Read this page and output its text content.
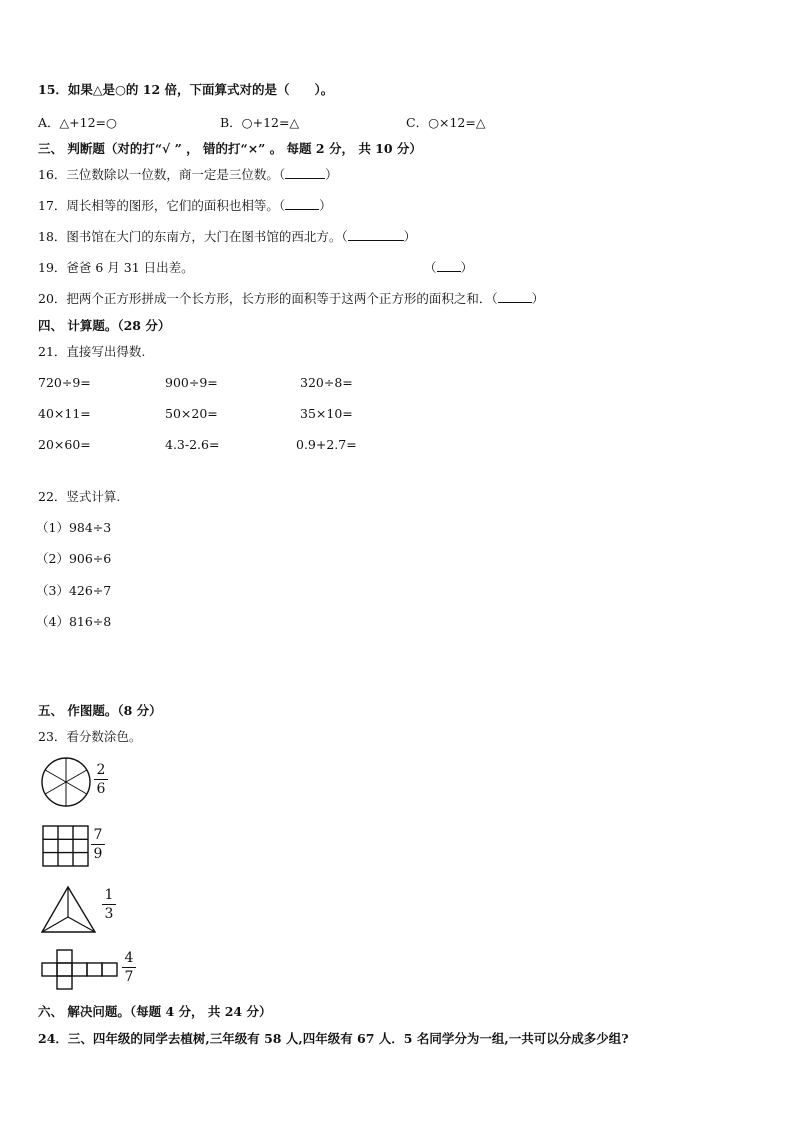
15．如果△是○的 12 倍，下面算式对的是（　　）。
A．△+12=○	B．○+12=△	C．○×12=△
三、 判断题（对的打“√ ” ， 错的打“×” 。 每题 2 分， 共 10 分）
16．三位数除以一位数，商一定是三位数。（	）
17．周长相等的图形，它们的面积也相等。（	）
18．图书馆在大门的东南方，大门在图书馆的西北方。（	）
19．爸爸 6 月 31 日出差。	（ ）
20．把两个正方形拼成一个长方形，长方形的面积等于这两个正方形的面积之和．（	）
四、 计算题。（28 分）
21．直接写出得数.
720÷9=	900÷9=	320÷8=
40×11=	50×20=	35×10=
20×60=	4.3-2.6=	0.9+2.7=
22．竖式计算.
（1）984÷3
（2）906÷6
（3）426÷7
（4）816÷8
五、 作图题。（8 分）
23．看分数涂色。
2
6
7
9
1
3
4
7
六、 解决问题。（每题 4 分， 共 24 分）
24．三、四年级的同学去植树,三年级有 58 人,四年级有 67 人．5 名同学分为一组,一共可以分成多少组?
